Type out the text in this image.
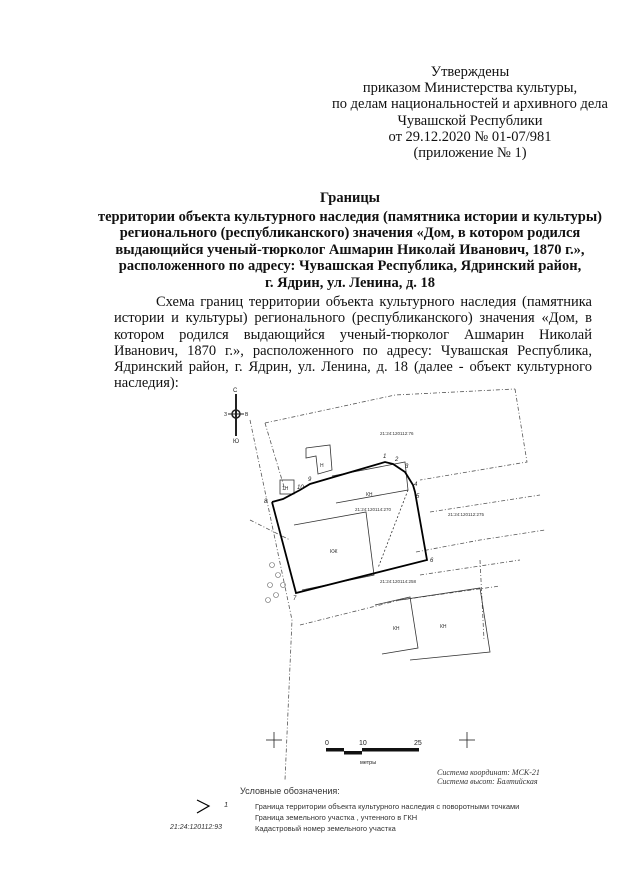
Утверждены
приказом Министерства культуры,
по делам национальностей и архивного дела
Чувашской Республики
от 29.12.2020 № 01-07/981
(приложение № 1)
Границы
территории объекта культурного наследия (памятника истории и культуры)
регионального (республиканского) значения «Дом, в котором родился
выдающийся ученый-тюрколог Ашмарин Николай Иванович, 1870 г.»,
расположенного по адресу: Чувашская Республика, Ядринский район,
г. Ядрин, ул. Ленина, д. 18
Схема границ территории объекта культурного наследия (памятника истории и культуры) регионального (республиканского) значения «Дом, в котором родился выдающийся ученый-тюрколог Ашмарин Николай Иванович, 1870 г.», расположенного по адресу: Чувашская Республика, Ядринский район, г. Ядрин, ул. Ленина, д. 18 (далее - объект культурного наследия):	С
Ю
З	В
1 2
3
4
5
6
7
8
9
10
21:24:120112:76
21:24:120114:270
21:24:120112:275
21:24:120114:258
Н
1Н
КН
КЖ
КН	КН
0	10	25
метры
Система координат: МСК-21
Система высот: Балтийская
Условные обозначения:
1	Граница территории объекта культурного наследия с поворотными точками
Граница земельного участка , учтенного в ГКН
21:24:120112:93	Кадастровый номер земельного участка
